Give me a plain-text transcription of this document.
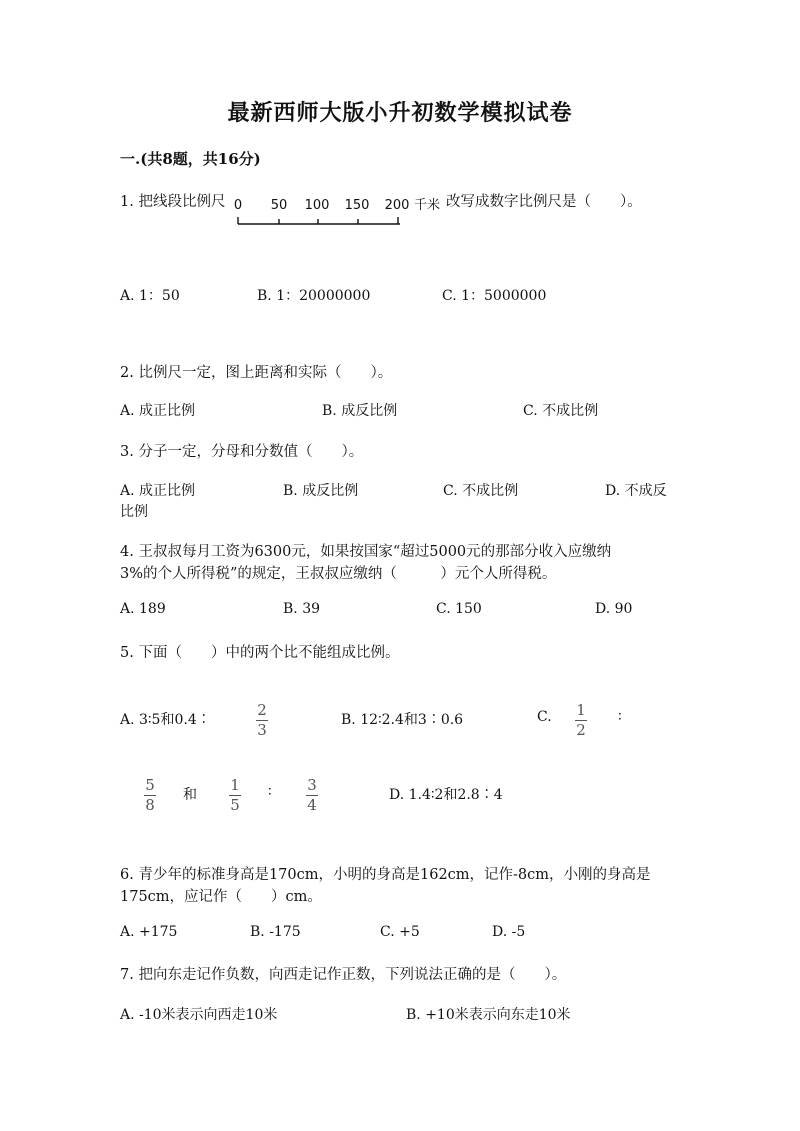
最新西师大版小升初数学模拟试卷
一.(共8题，共16分)
1. 把线段比例尺 0 50 100 150 200 千米 改写成数字比例尺是（　　）。
A. 1：50	B. 1：20000000	C. 1：5000000
2. 比例尺一定，图上距离和实际（　　）。
A. 成正比例	B. 成反比例	C. 不成比例
3. 分子一定，分母和分数值（　　）。
A. 成正比例	B. 成反比例	C. 不成比例	D. 不成反
比例
4. 王叔叔每月工资为6300元，如果按国家“超过5000元的那部分收入应缴纳
3%的个人所得税”的规定，王叔叔应缴纳（　　　）元个人所得税。
A. 189	B. 39	C. 150	D. 90
5. 下面（　　）中的两个比不能组成比例。
A. 3∶5和0.4∶
2
3
B. 12∶2.4和3∶0.6	C. 1
2
∶
5
8
和
1
5
∶ 3
4
D. 1.4∶2和2.8∶4
6. 青少年的标准身高是170cm，小明的身高是162cm，记作-8cm，小刚的身高是
175cm，应记作（　　）cm。
A. +175	B. -175	C. +5	D. -5
7. 把向东走记作负数，向西走记作正数，下列说法正确的是（　　）。
A. -10米表示向西走10米	B. +10米表示向东走10米
